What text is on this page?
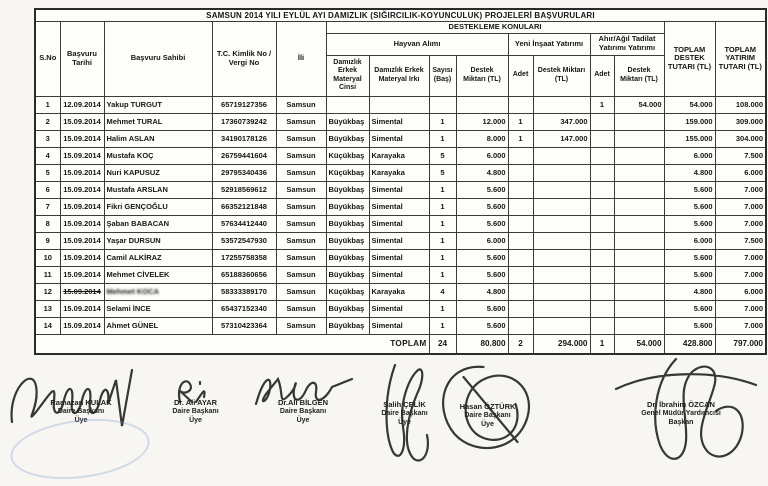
SAMSUN 2014 YILI EYLÜL AYI DAMIZLIK (SIĞIRCILIK-KOYUNCULUK) PROJELERİ BAŞVURULARI														
S.No	Başvuru Tarihi	Başvuru Sahibi	T.C. Kimlik No / Vergi No	İli	DESTEKLEME KONULARI								TOPLAM DESTEK TUTARI (TL)	TOPLAM YATIRIM TUTARI (TL)
					Hayvan Alımı				Yeni İnşaat Yatırımı		Ahır/Ağıl Tadilat Yatırımı Yatırımı			
					Damızlık Erkek Materyal Cinsi	Damızlık Erkek Materyal Irkı	Sayısı (Baş)	Destek Miktarı (TL)	Adet	Destek Miktarı (TL)	Adet	Destek Miktarı (TL)		
1	12.09.2014	Yakup TURGUT	65719127356	Samsun							1	54.000	54.000	108.000
2	15.09.2014	Mehmet TURAL	17360739242	Samsun	Büyükbaş	Simental	1	12.000	1	347.000			159.000	309.000
3	15.09.2014	Halim ASLAN	34190178126	Samsun	Büyükbaş	Simental	1	8.000	1	147.000			155.000	304.000
4	15.09.2014	Mustafa KOÇ	26759441604	Samsun	Küçükbaş	Karayaka	5	6.000					6.000	7.500
5	15.09.2014	Nuri KAPUSUZ	29795340436	Samsun	Küçükbaş	Karayaka	5	4.800					4.800	6.000
6	15.09.2014	Mustafa ARSLAN	52918569612	Samsun	Büyükbaş	Simental	1	5.600					5.600	7.000
7	15.09.2014	Fikri GENÇOĞLU	66352121848	Samsun	Büyükbaş	Simental	1	5.600					5.600	7.000
8	15.09.2014	Şaban BABACAN	57634412440	Samsun	Büyükbaş	Simental	1	5.600					5.600	7.000
9	15.09.2014	Yaşar DURSUN	53572547930	Samsun	Büyükbaş	Simental	1	6.000					6.000	7.500
10	15.09.2014	Camil ALKİRAZ	17255758358	Samsun	Büyükbaş	Simental	1	5.600					5.600	7.000
11	15.09.2014	Mehmet CİVELEK	65188360656	Samsun	Büyükbaş	Simental	1	5.600					5.600	7.000
12	15.09.2014	Mehmet KOCA	58333389170	Samsun	Küçükbaş	Karayaka	4	4.800					4.800	6.000
13	15.09.2014	Selami İNCE	65437152340	Samsun	Büyükbaş	Simental	1	5.600					5.600	7.000
14	15.09.2014	Ahmet GÜNEL	57310423364	Samsun	Büyükbaş	Simental	1	5.600					5.600	7.000
TOPLAM							24	80.800	2	294.000	1	54.000	428.800	797.000
Ramazan KULAK
Daire Başkanı
Üye
Dr. Ali AYAR
Daire Başkanı
Üye
Dr.Ali BİLGEN
Daire Başkanı
Üye
Salih ÇELİK
Daire Başkanı
Üye
Hasan ÖZTÜRK
Daire Başkanı
Üye
Dr. İbrahim ÖZCAN
Genel Müdür Yardımcısı
Başkan
